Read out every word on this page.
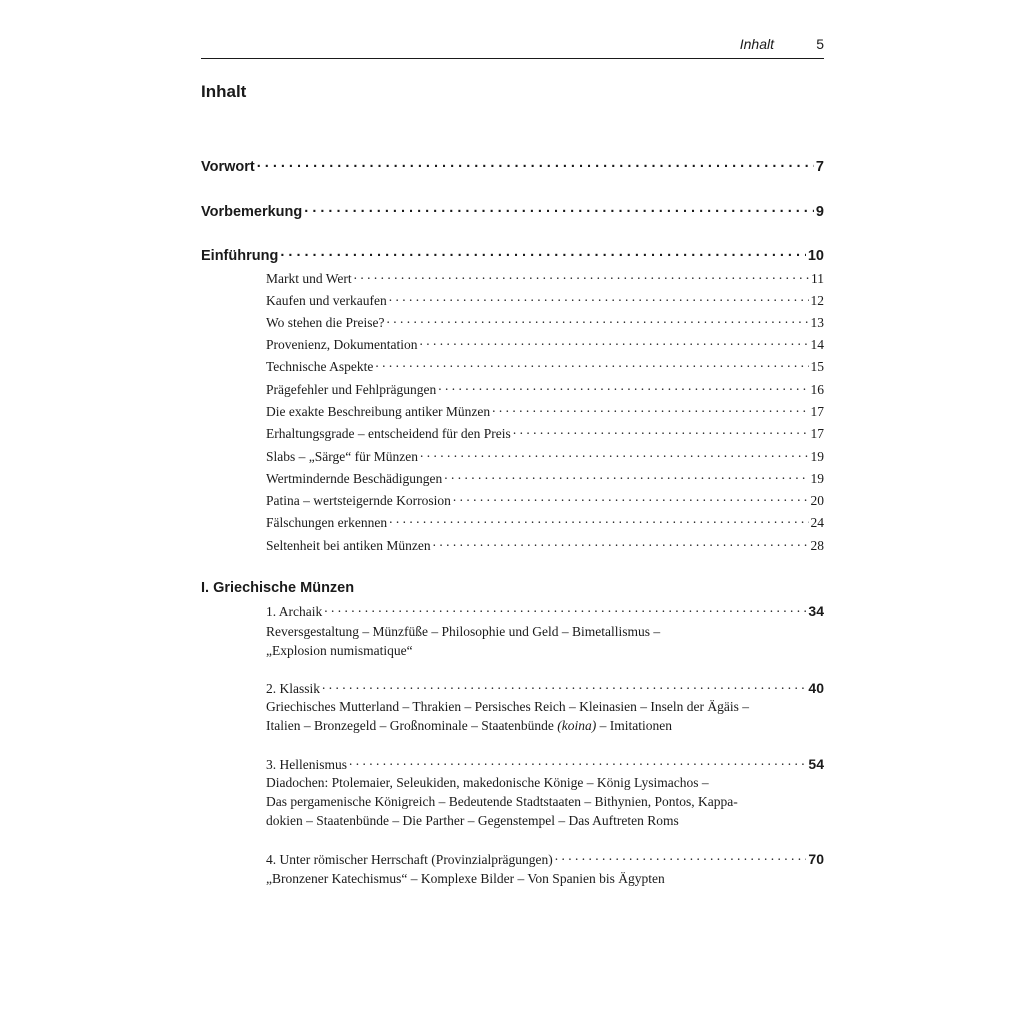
Inhalt	5
Inhalt
Vorwort . . .	7
Vorbemerkung . . .	9
Einführung . . .	10
Markt und Wert . . .	11
Kaufen und verkaufen . . .	12
Wo stehen die Preise? . . .	13
Provenienz, Dokumentation . . .	14
Technische Aspekte . . .	15
Prägefehler und Fehlprägungen . . .	16
Die exakte Beschreibung antiker Münzen . . .	17
Erhaltungsgrade – entscheidend für den Preis . . .	17
Slabs – „Särge“ für Münzen . . .	19
Wertmindernde Beschädigungen . . .	19
Patina – wertsteigernde Korrosion . . .	20
Fälschungen erkennen . . .	24
Seltenheit bei antiken Münzen . . .	28
I. Griechische Münzen
1. Archaik . . .	34
Reversgestaltung – Münzfüße – Philosophie und Geld – Bimetallismus –
„Explosion numismatique“
2. Klassik . . .	40
Griechisches Mutterland – Thrakien – Persisches Reich – Kleinasien – Inseln der Ägäis –
Italien – Bronzegeld – Großnominale – Staatenbünde (koina) – Imitationen
3. Hellenismus . . .	54
Diadochen: Ptolemaier, Seleukiden, makedonische Könige – König Lysimachos –
Das pergamenische Königreich – Bedeutende Stadtstaaten – Bithynien, Pontos, Kappa-
dokien – Staatenbünde – Die Parther – Gegenstempel – Das Auftreten Roms
4. Unter römischer Herrschaft (Provinzialprägungen) . . .	70
„Bronzener Katechismus“ – Komplexe Bilder – Von Spanien bis Ägypten
